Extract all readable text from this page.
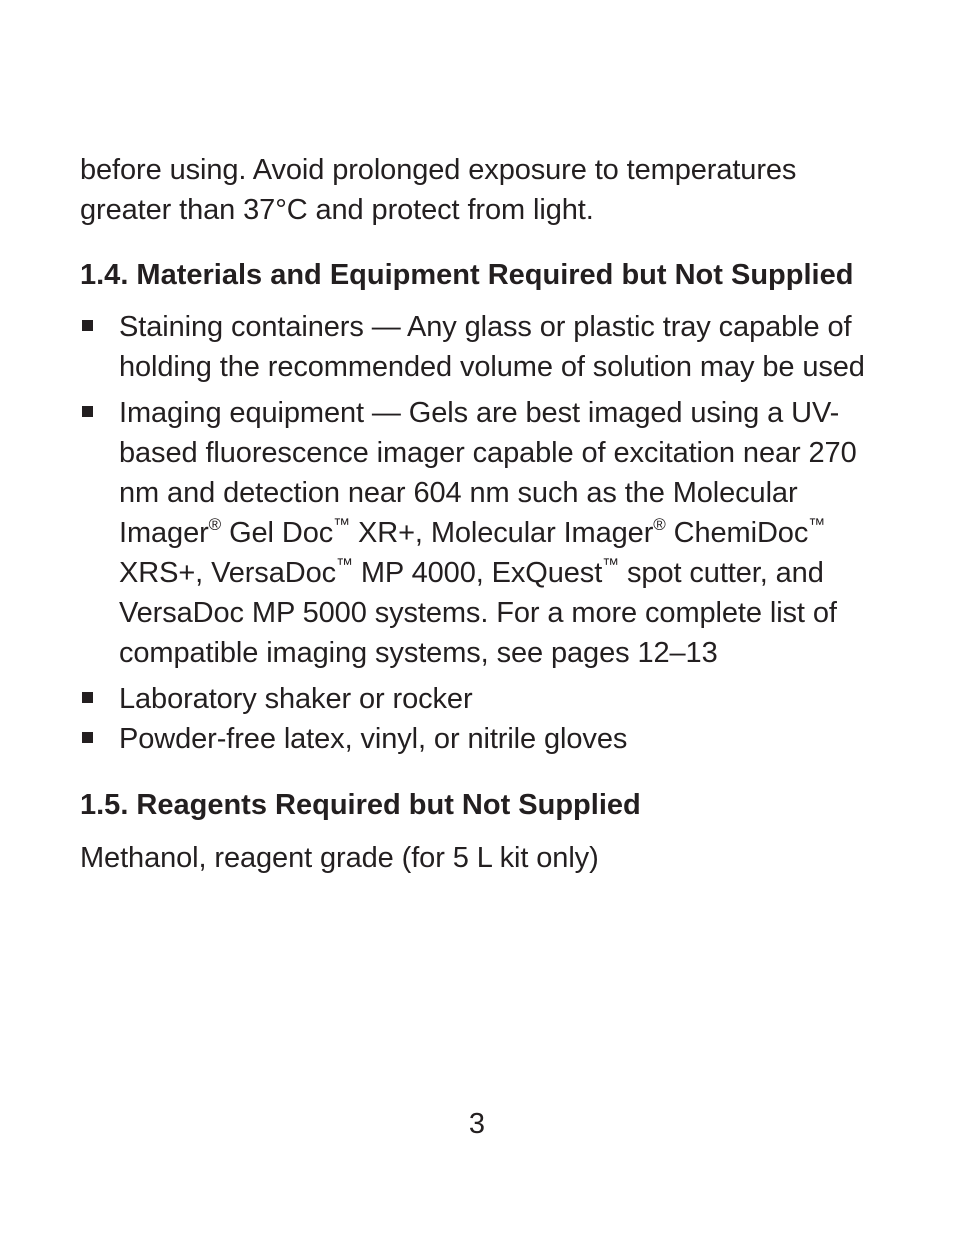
before using. Avoid prolonged exposure to temperatures greater than 37°C and protect from light.

1.4. Materials and Equipment Required but Not Supplied
Staining containers — Any glass or plastic tray capable of holding the recommended volume of solution may be used
Imaging equipment — Gels are best imaged using a UV-based fluorescence imager capable of excitation near 270 nm and detection near 604 nm such as the Molecular Imager® Gel Doc™ XR+, Molecular Imager® ChemiDoc™ XRS+, VersaDoc™ MP 4000, ExQuest™ spot cutter, and VersaDoc MP 5000 systems. For a more complete list of compatible imaging systems, see pages 12–13
Laboratory shaker or rocker
Powder-free latex, vinyl, or nitrile gloves
1.5. Reagents Required but Not Supplied

Methanol, reagent grade (for 5 L kit only)

3
